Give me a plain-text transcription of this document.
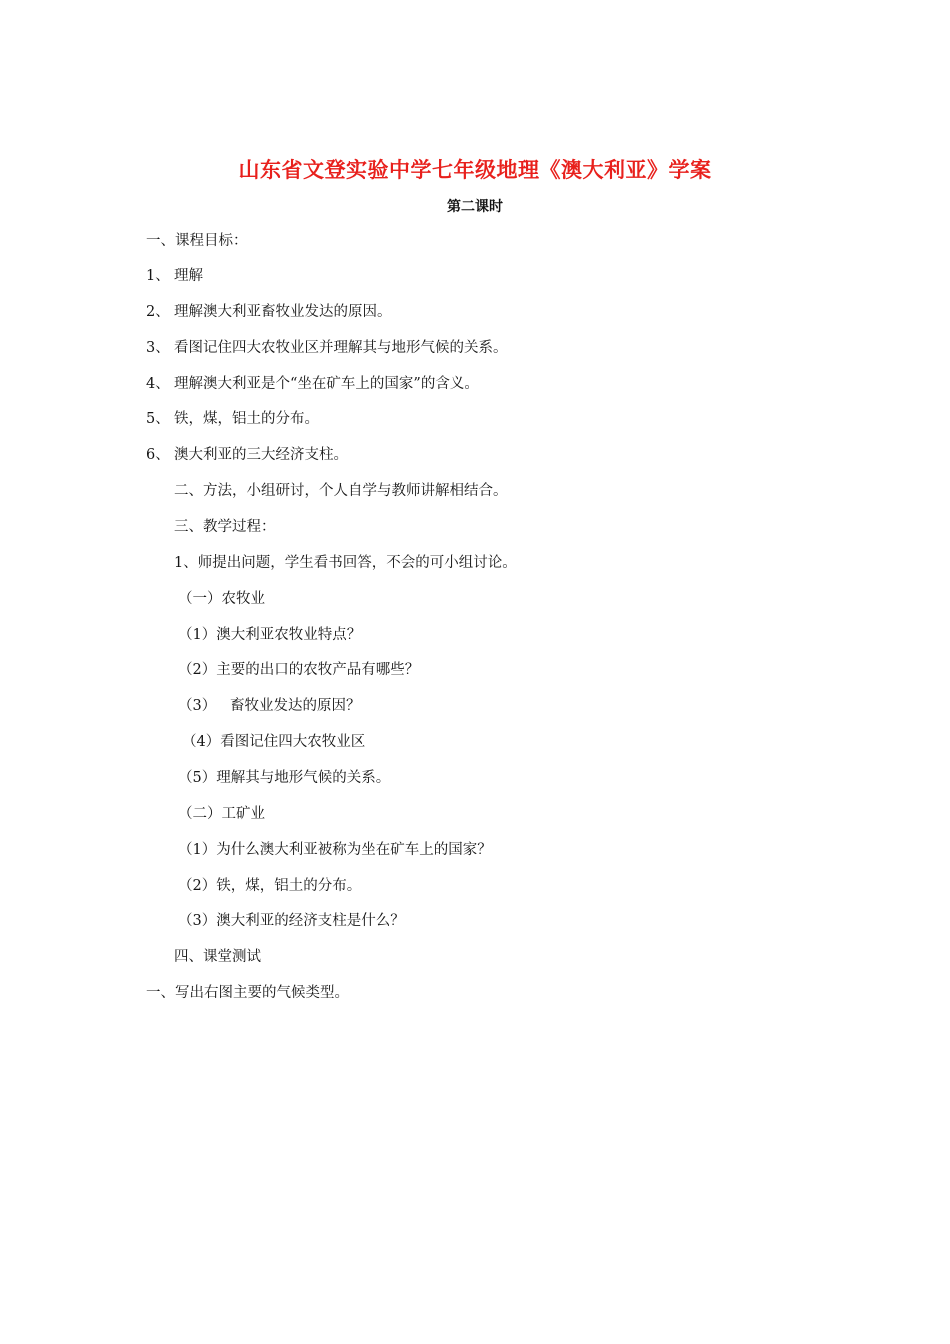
山东省文登实验中学七年级地理《澳大利亚》学案
第二课时
一、课程目标：
1、 理解
2、 理解澳大利亚畜牧业发达的原因。
3、 看图记住四大农牧业区并理解其与地形气候的关系。
4、 理解澳大利亚是个“坐在矿车上的国家”的含义。
5、 铁，煤，铝土的分布。
6、 澳大利亚的三大经济支柱。
二、方法，小组研讨，个人自学与教师讲解相结合。
三、教学过程：
1、师提出问题，学生看书回答，不会的可小组讨论。
（一）农牧业
（1）澳大利亚农牧业特点？
（2）主要的出口的农牧产品有哪些？
（3）   畜牧业发达的原因？
（4）看图记住四大农牧业区
（5）理解其与地形气候的关系。
（二）工矿业
（1）为什么澳大利亚被称为坐在矿车上的国家？
（2）铁，煤，铝土的分布。
（3）澳大利亚的经济支柱是什么？
四、课堂测试
一、写出右图主要的气候类型。
